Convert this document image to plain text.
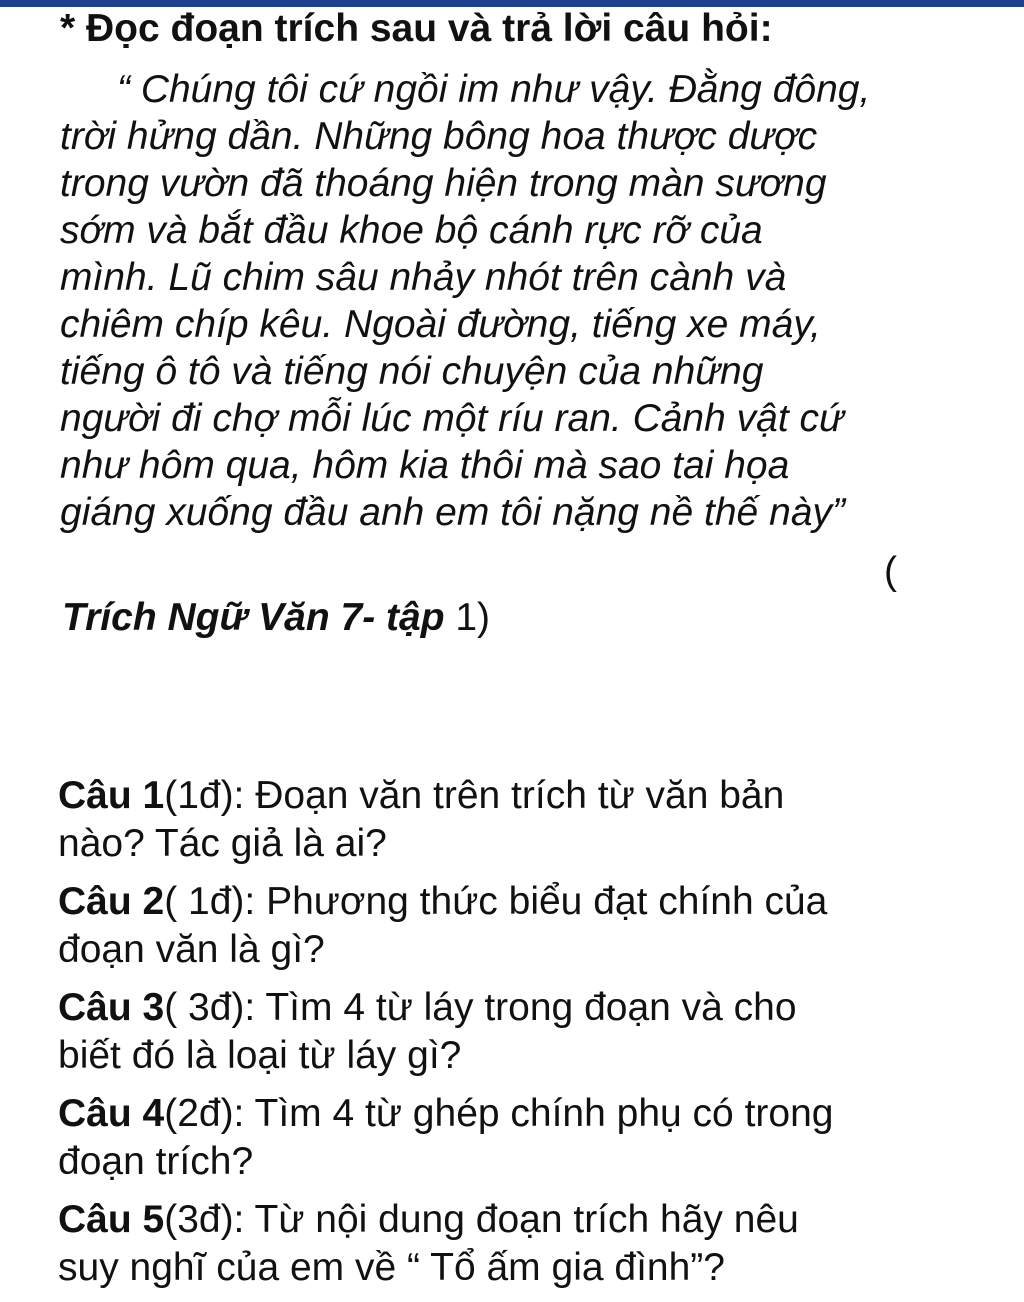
* Đọc đoạn trích sau và trả lời câu hỏi:
“ Chúng tôi cứ ngồi im như vậy. Đằng đông,
trời hửng dần. Những bông hoa thược dược
trong vườn đã thoáng hiện trong màn sương
sớm và bắt đầu khoe bộ cánh rực rỡ của
mình. Lũ chim sâu nhảy nhót trên cành và
chiêm chíp kêu. Ngoài đường, tiếng xe máy,
tiếng ô tô và tiếng nói chuyện của những
người đi chợ mỗi lúc một ríu ran. Cảnh vật cứ
như hôm qua, hôm kia thôi mà sao tai họa
giáng xuống đầu anh em tôi nặng nề thế này”
(
Trích Ngữ Văn 7- tập 1)
Câu 1(1đ): Đoạn văn trên trích từ văn bản
nào? Tác giả là ai?
Câu 2( 1đ): Phương thức biểu đạt chính của
đoạn văn là gì?
Câu 3( 3đ): Tìm 4 từ láy trong đoạn và cho
biết đó là loại từ láy gì?
Câu 4(2đ): Tìm 4 từ ghép chính phụ có trong
đoạn trích?
Câu 5(3đ): Từ nội dung đoạn trích hãy nêu
suy nghĩ của em về “ Tổ ấm gia đình”?
